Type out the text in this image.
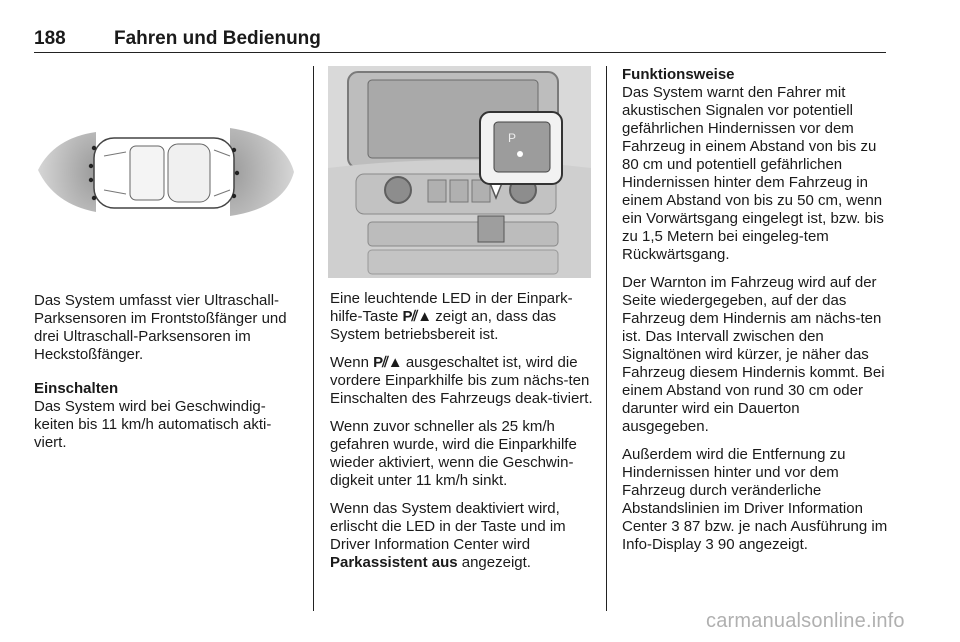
188	Fahren und Bedienung
P

Das System umfasst vier Ultraschall-Parksensoren im Frontstoßfänger und drei Ultraschall-Parksensoren im Heckstoßfänger.

Einschalten
Das System wird bei Geschwindig-keiten bis 11 km/h automatisch akti-viert.

Eine leuchtende LED in der Einpark-hilfe-Taste P⫽▲ zeigt an, dass das System betriebsbereit ist.

Wenn P⫽▲ ausgeschaltet ist, wird die vordere Einparkhilfe bis zum nächs-ten Einschalten des Fahrzeugs deak-tiviert.

Wenn zuvor schneller als 25 km/h gefahren wurde, wird die Einparkhilfe wieder aktiviert, wenn die Geschwin-digkeit unter 11 km/h sinkt.

Wenn das System deaktiviert wird, erlischt die LED in der Taste und im Driver Information Center wird Parkassistent aus angezeigt.

Funktionsweise
Das System warnt den Fahrer mit akustischen Signalen vor potentiell gefährlichen Hindernissen vor dem Fahrzeug in einem Abstand von bis zu 80 cm und potentiell gefährlichen Hindernissen hinter dem Fahrzeug in einem Abstand von bis zu 50 cm, wenn ein Vorwärtsgang eingelegt ist, bzw. bis zu 1,5 Metern bei eingeleg-tem Rückwärtsgang.

Der Warnton im Fahrzeug wird auf der Seite wiedergegeben, auf der das Fahrzeug dem Hindernis am nächs-ten ist. Das Intervall zwischen den Signaltönen wird kürzer, je näher das Fahrzeug diesem Hindernis kommt. Bei einem Abstand von rund 30 cm oder darunter wird ein Dauerton ausgegeben.

Außerdem wird die Entfernung zu Hindernissen hinter und vor dem Fahrzeug durch veränderliche Abstandslinien im Driver Information Center 3 87 bzw. je nach Ausführung im Info-Display 3 90 angezeigt.

carmanualsonline.info
